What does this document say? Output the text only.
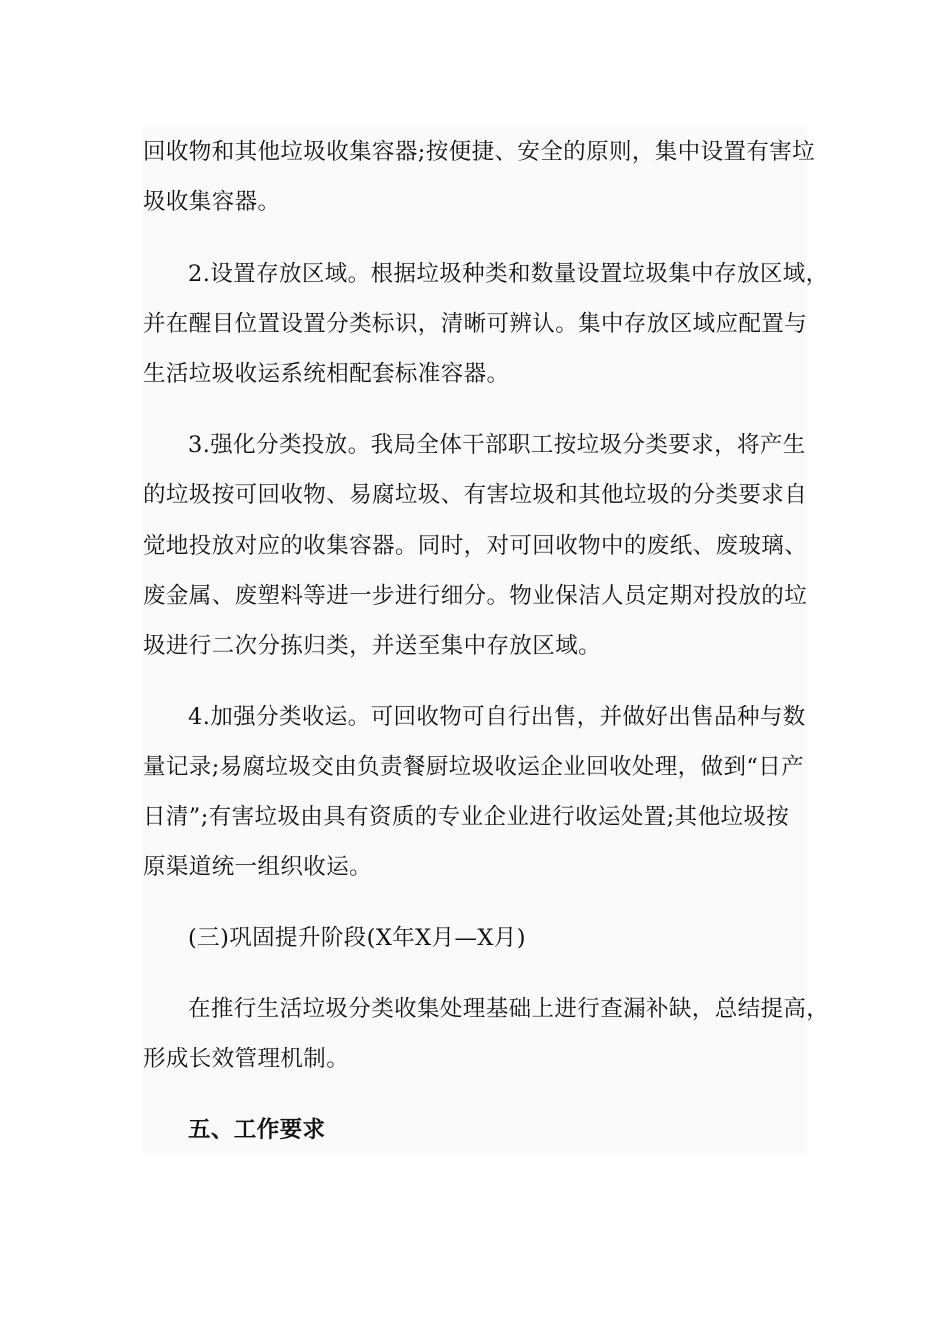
回收物和其他垃圾收集容器;按便捷、安全的原则，集中设置有害垃
圾收集容器。
2.设置存放区域。根据垃圾种类和数量设置垃圾集中存放区域，
并在醒目位置设置分类标识，清晰可辨认。集中存放区域应配置与
生活垃圾收运系统相配套标准容器。
3.强化分类投放。我局全体干部职工按垃圾分类要求，将产生
的垃圾按可回收物、易腐垃圾、有害垃圾和其他垃圾的分类要求自
觉地投放对应的收集容器。同时，对可回收物中的废纸、废玻璃、
废金属、废塑料等进一步进行细分。物业保洁人员定期对投放的垃
圾进行二次分拣归类，并送至集中存放区域。
4.加强分类收运。可回收物可自行出售，并做好出售品种与数
量记录;易腐垃圾交由负责餐厨垃圾收运企业回收处理，做到“日产
日清”;有害垃圾由具有资质的专业企业进行收运处置;其他垃圾按
原渠道统一组织收运。
(三)巩固提升阶段(X年X月—X月)
在推行生活垃圾分类收集处理基础上进行查漏补缺，总结提高，
形成长效管理机制。
五、工作要求
